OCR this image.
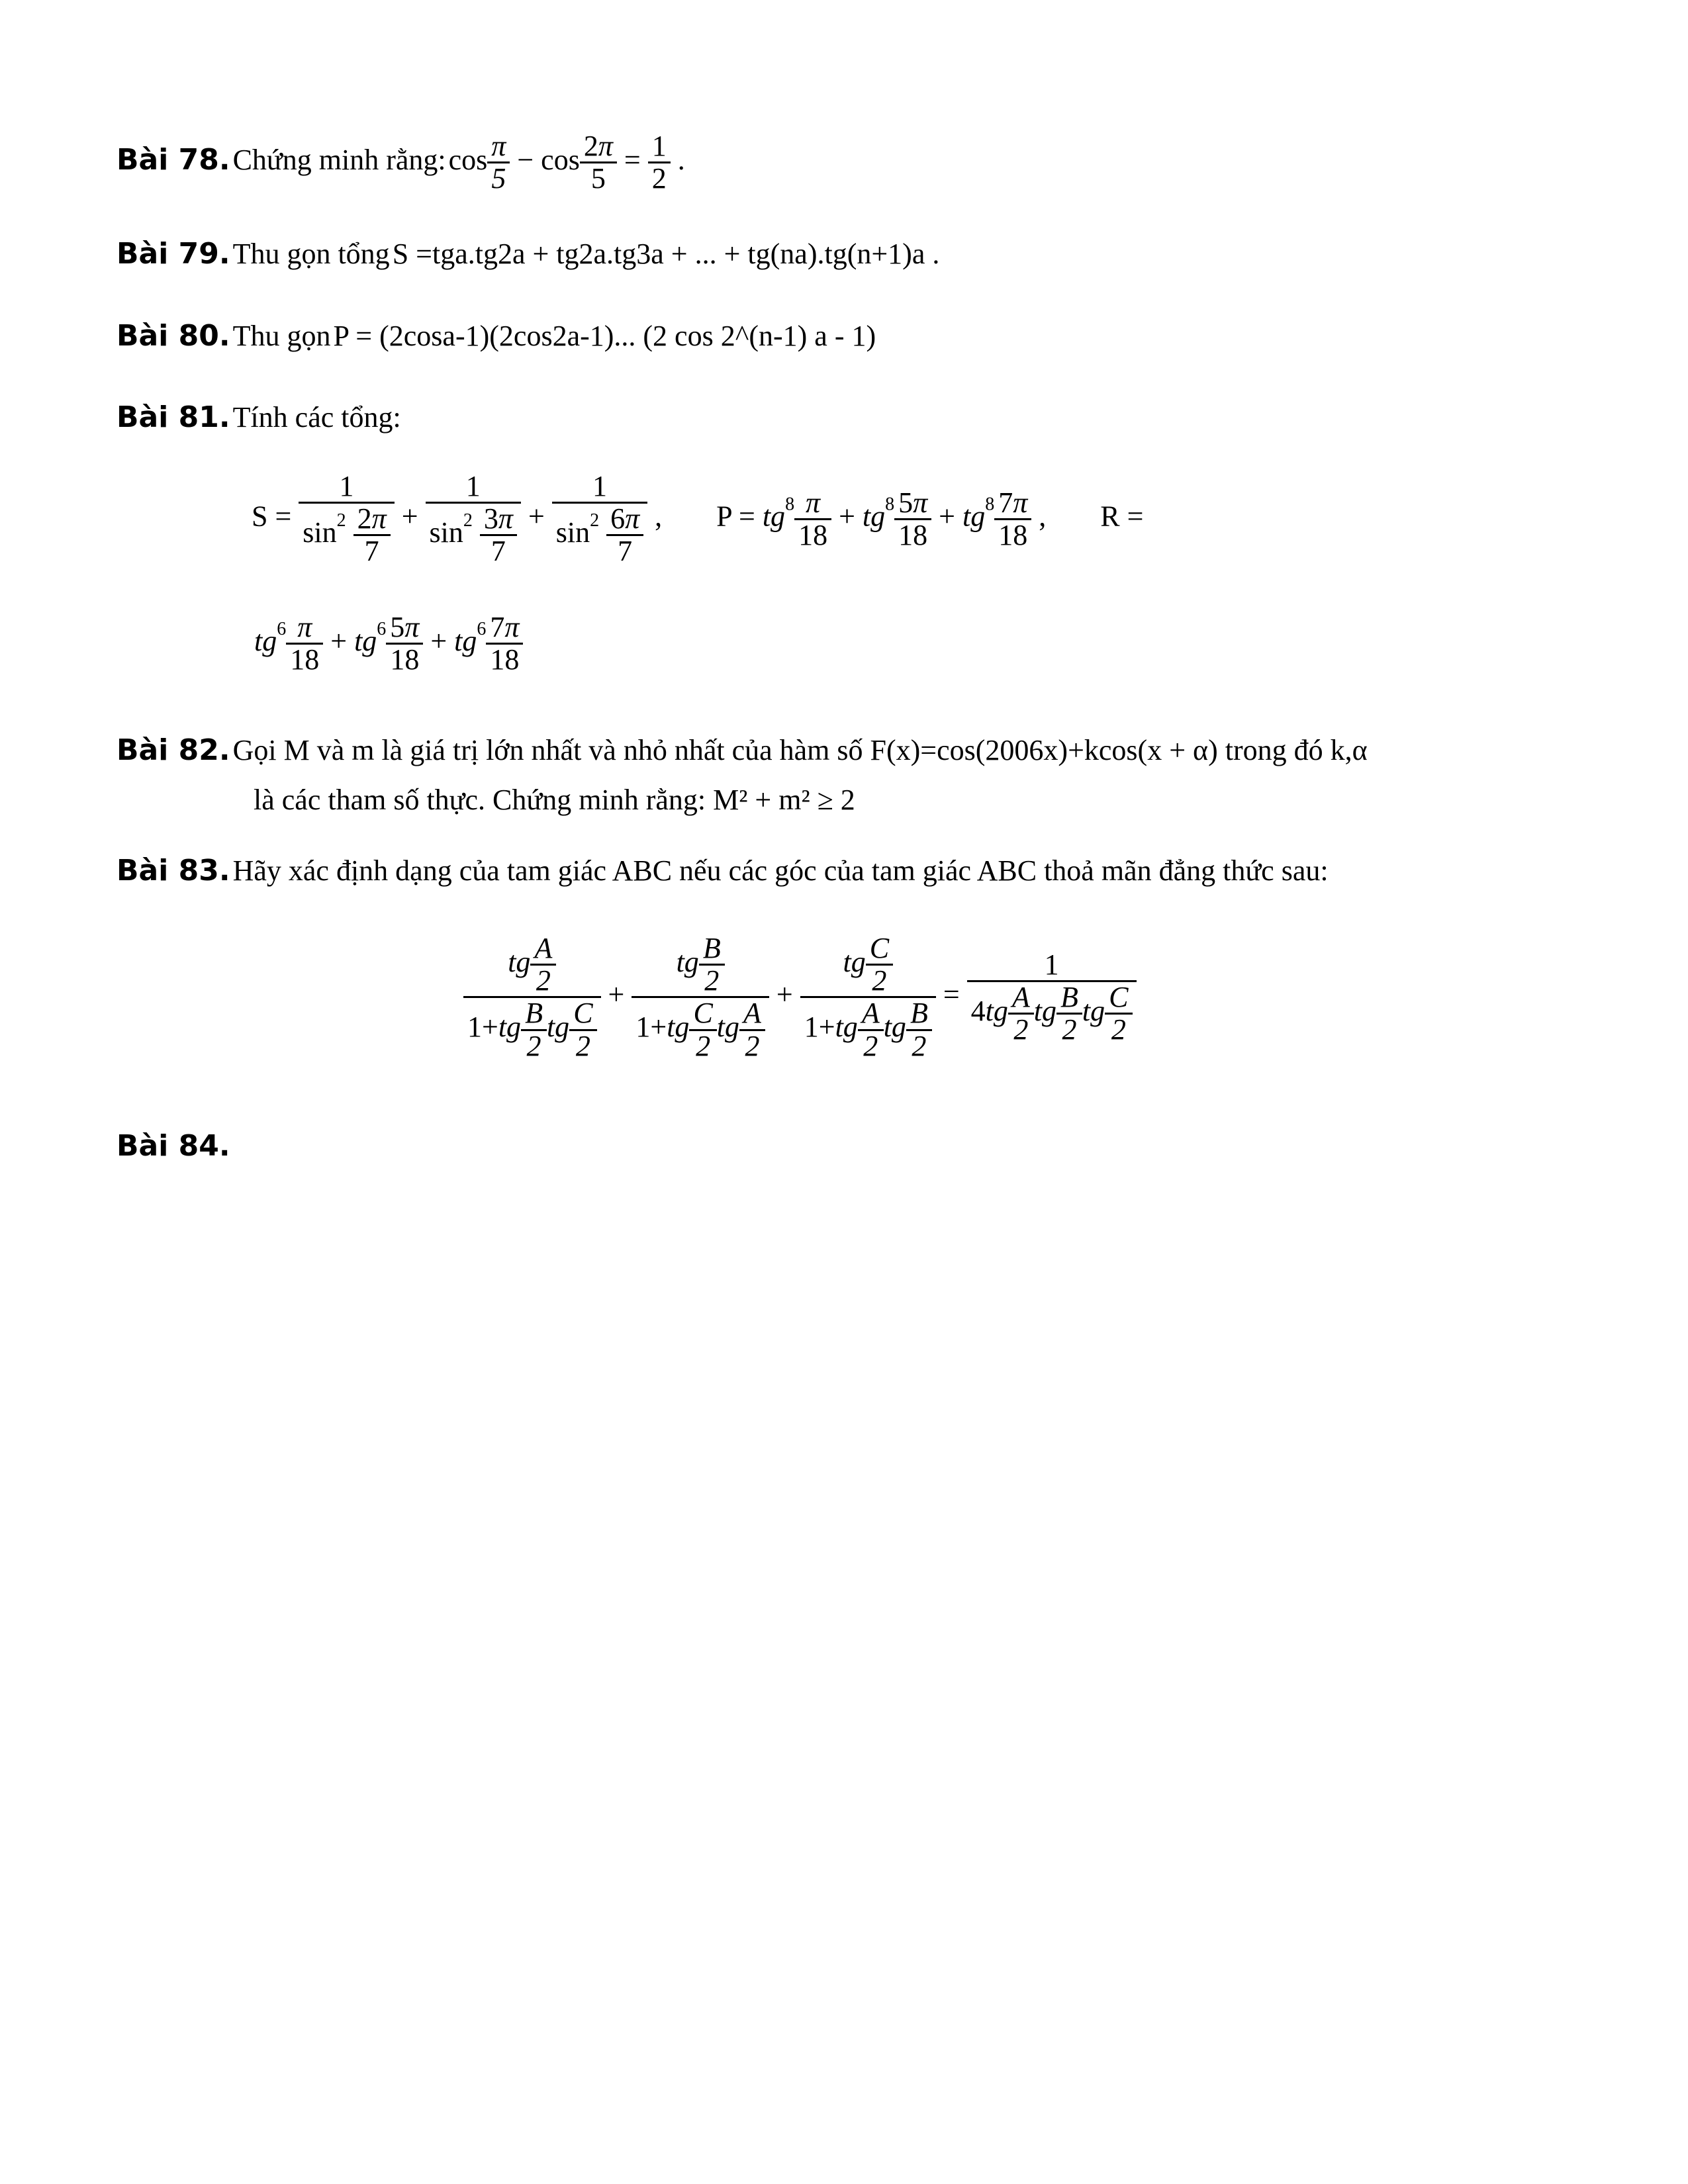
Bài 78. Chứng minh rằng: $\cos \frac{\pi}{5} - \cos \frac{2\pi}{5} = \frac{1}{2}$ .
Bài 79. Thu gọn tổng S =tga.tg2a + tg2a.tg3a + ... + tg(na).tg(n+1)a .
Bài 80. Thu gọn P = (2cosa-1)(2cos2a-1)... (2 cos 2^(n-1) a - 1)
Bài 81. Tính các tổng:
$S = \frac{1}{\sin^2 \frac{2\pi}{7}} + \frac{1}{\sin^2 \frac{3\pi}{7}} + \frac{1}{\sin^2 \frac{6\pi}{7}}$ ,  $P = tg^8 \frac{\pi}{18} + tg^8 \frac{5\pi}{18} + tg^8 \frac{7\pi}{18}$ ,  R =
$tg^6 \frac{\pi}{18} + tg^6 \frac{5\pi}{18} + tg^6 \frac{7\pi}{18}$
Bài 82. Gọi M và m là giá trị lớn nhất và nhỏ nhất của hàm số F(x)=cos(2006x)+kcos(x + α) trong đó k,α
là các tham số thực. Chứng minh rằng: M² + m² ≥ 2
Bài 83. Hãy xác định dạng của tam giác ABC nếu các góc của tam giác ABC thoả mãn đẳng thức sau:
$\frac{tg \frac{A}{2}}{1+tg \frac{B}{2} tg \frac{C}{2}} + \frac{tg \frac{B}{2}}{1+tg \frac{C}{2} tg \frac{A}{2}} + \frac{tg \frac{C}{2}}{1+tg \frac{A}{2} tg \frac{B}{2}} = \frac{1}{4tg \frac{A}{2} tg \frac{B}{2} tg \frac{C}{2}}$
Bài 84.
